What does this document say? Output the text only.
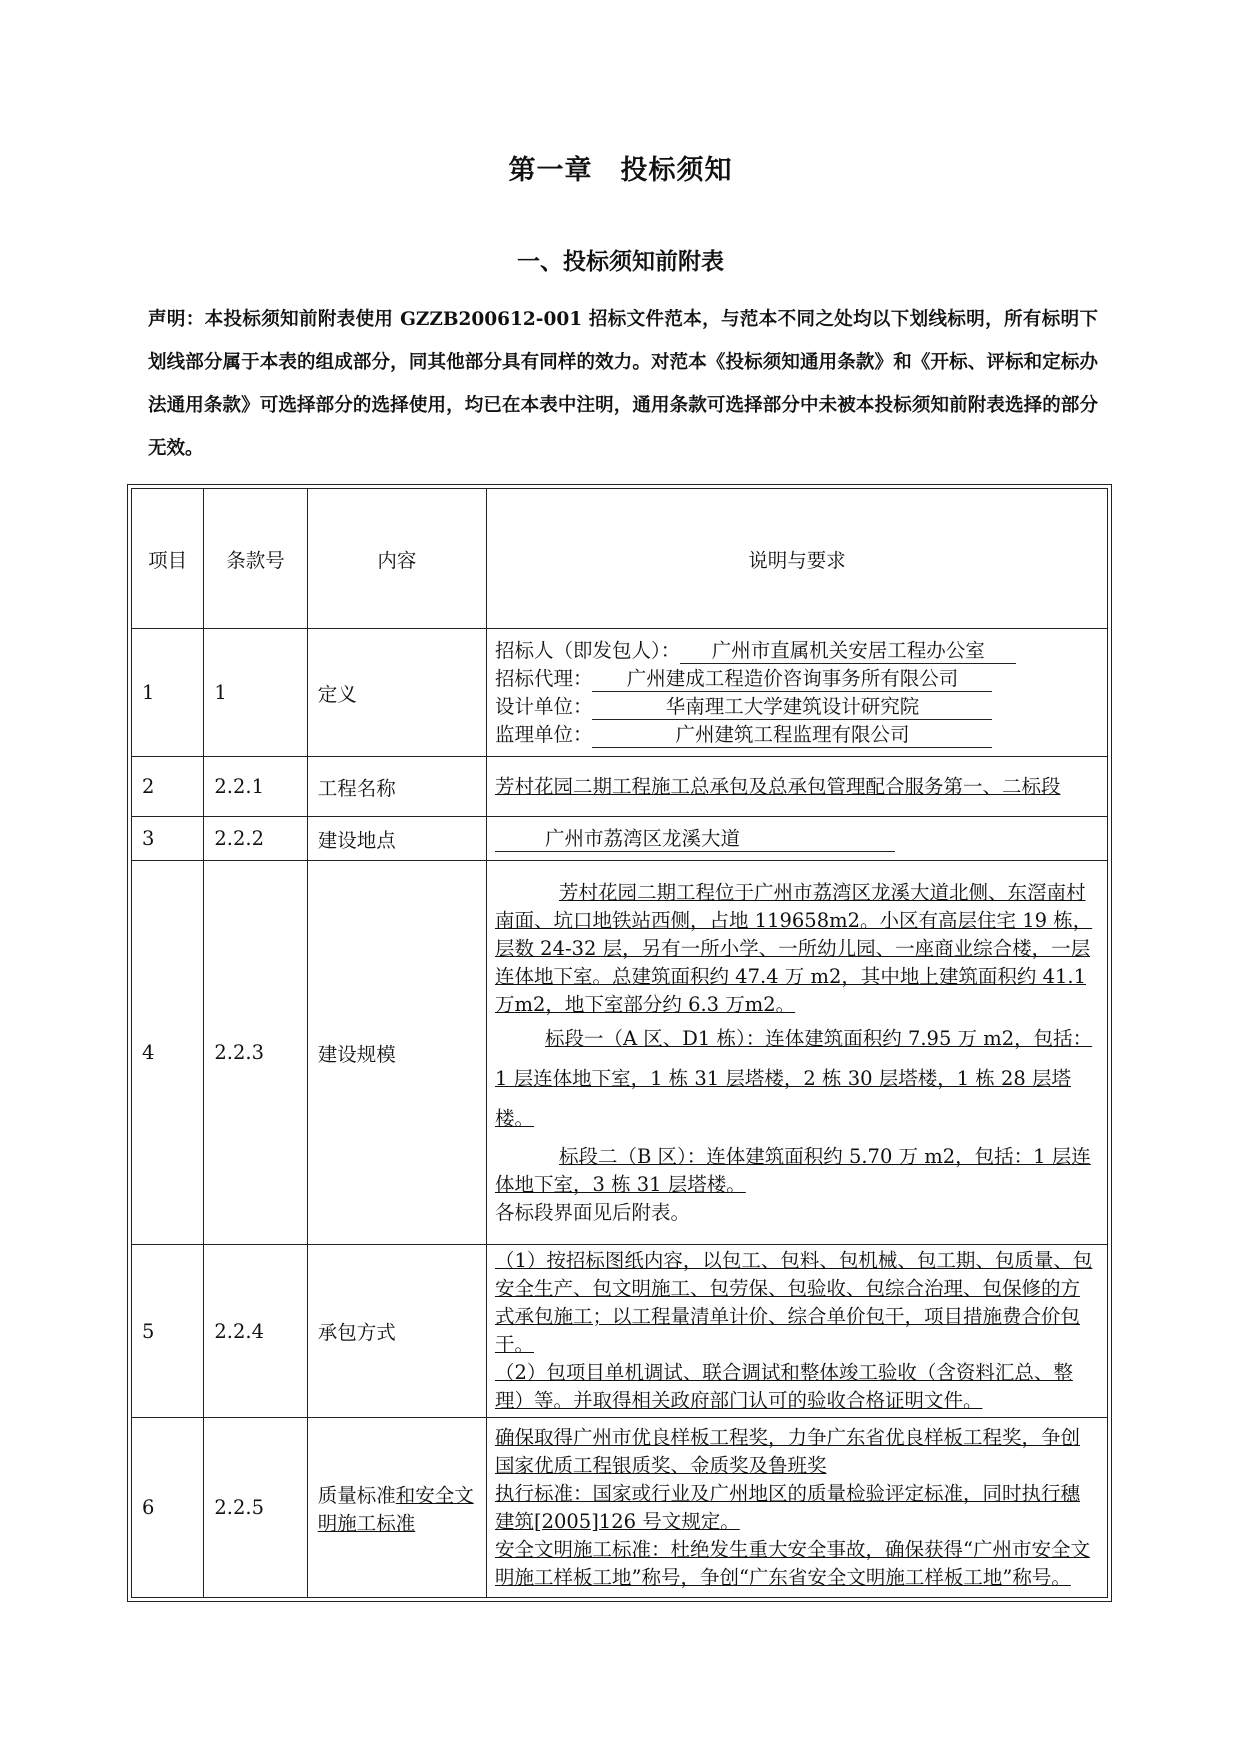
第一章　投标须知
一、投标须知前附表
声明：本投标须知前附表使用 GZZB200612-001 招标文件范本，与范本不同之处均以下划线标明，所有标明下划线部分属于本表的组成部分，同其他部分具有同样的效力。对范本《投标须知通用条款》和《开标、评标和定标办法通用条款》可选择部分的选择使用，均已在本表中注明，通用条款可选择部分中未被本投标须知前附表选择的部分无效。
项目	条款号	内容	说明与要求
1	1	定义	招标人（即发包人）： 广州市直属机关安居工程办公室
招标代理： 广州建成工程造价咨询事务所有限公司
设计单位： 华南理工大学建筑设计研究院
监理单位： 广州建筑工程监理有限公司

2	2.2.1	工程名称	芳村花园二期工程施工总承包及总承包管理配合服务第一、二标段
3	2.2.2	建设地点	广州市荔湾区龙溪大道
4	2.2.3	建设规模	芳村花园二期工程位于广州市荔湾区龙溪大道北侧、东滘南村南面、坑口地铁站西侧，占地 119658m2。小区有高层住宅 19 栋，层数 24-32 层，另有一所小学、一所幼儿园、一座商业综合楼，一层连体地下室。总建筑面积约 47.4 万 m2，其中地上建筑面积约 41.1 万m2，地下室部分约 6.3 万m2。
标段一（A 区、D1 栋）：连体建筑面积约 7.95 万 m2，包括：1 层连体地下室，1 栋 31 层塔楼，2 栋 30 层塔楼，1 栋 28 层塔楼。
标段二（B 区）：连体建筑面积约 5.70 万 m2，包括：1 层连体地下室，3 栋 31 层塔楼。
各标段界面见后附表。

5	2.2.4	承包方式	（1）按招标图纸内容，以包工、包料、包机械、包工期、包质量、包安全生产、包文明施工、包劳保、包验收、包综合治理、包保修的方式承包施工；以工程量清单计价、综合单价包干，项目措施费合价包干。
（2）包项目单机调试、联合调试和整体竣工验收（含资料汇总、整理）等。并取得相关政府部门认可的验收合格证明文件。

6	2.2.5	质量标准和安全文明施工标准	确保取得广州市优良样板工程奖，力争广东省优良样板工程奖，争创国家优质工程银质奖、金质奖及鲁班奖
执行标准：国家或行业及广州地区的质量检验评定标准，同时执行穗建筑[2005]126 号文规定。
安全文明施工标准：杜绝发生重大安全事故，确保获得“广州市安全文明施工样板工地”称号，争创“广东省安全文明施工样板工地”称号。
